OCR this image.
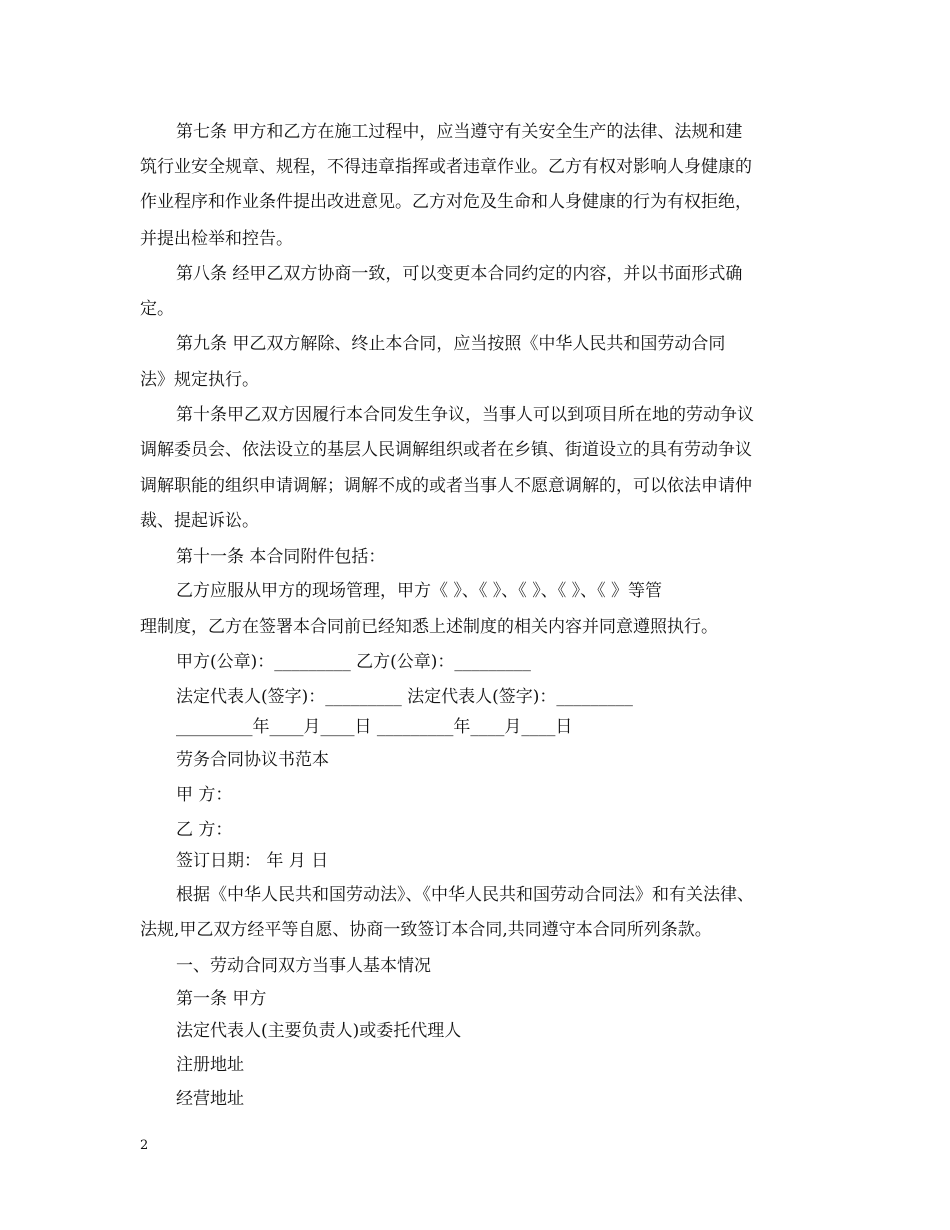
第七条 甲方和乙方在施工过程中，应当遵守有关安全生产的法律、法规和建
筑行业安全规章、规程，不得违章指挥或者违章作业。乙方有权对影响人身健康的
作业程序和作业条件提出改进意见。乙方对危及生命和人身健康的行为有权拒绝，
并提出检举和控告。
第八条 经甲乙双方协商一致，可以变更本合同约定的内容，并以书面形式确
定。
第九条 甲乙双方解除、终止本合同，应当按照《中华人民共和国劳动合同
法》规定执行。
第十条甲乙双方因履行本合同发生争议，当事人可以到项目所在地的劳动争议
调解委员会、依法设立的基层人民调解组织或者在乡镇、街道设立的具有劳动争议
调解职能的组织申请调解；调解不成的或者当事人不愿意调解的，可以依法申请仲
裁、提起诉讼。
第十一条 本合同附件包括：
乙方应服从甲方的现场管理，甲方《 》、《 》、《 》、《 》、《 》等管
理制度，乙方在签署本合同前已经知悉上述制度的相关内容并同意遵照执行。
甲方(公章)：_________ 乙方(公章)：_________
法定代表人(签字)：_________ 法定代表人(签字)：_________
_________年____月____日 _________年____月____日
劳务合同协议书范本
甲 方：
乙 方：
签订日期： 年 月 日
根据《中华人民共和国劳动法》、《中华人民共和国劳动合同法》和有关法律、
法规,甲乙双方经平等自愿、协商一致签订本合同,共同遵守本合同所列条款。
一、劳动合同双方当事人基本情况
第一条 甲方
法定代表人(主要负责人)或委托代理人
注册地址
经营地址
2
